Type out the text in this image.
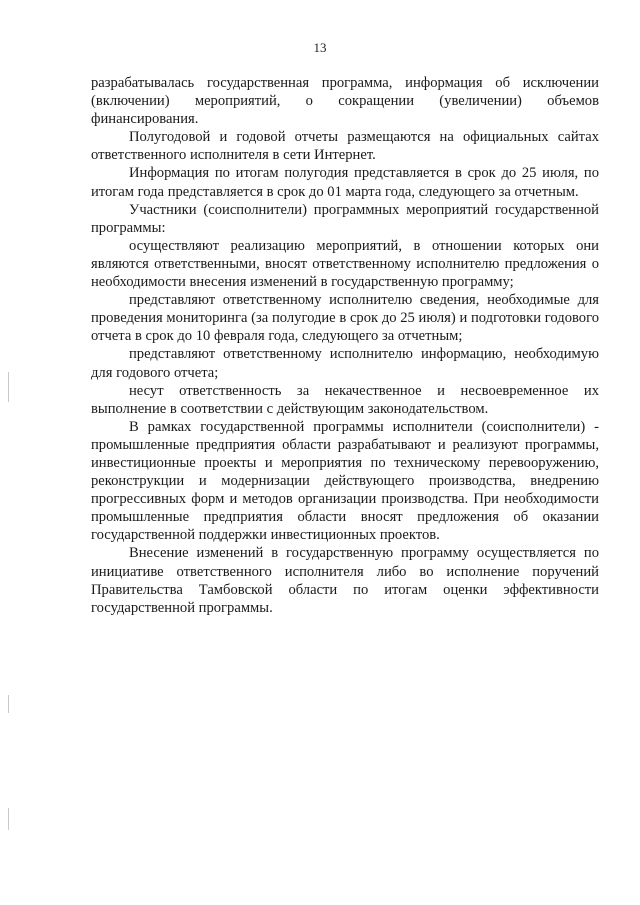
13

разрабатывалась государственная программа, информация об исключении (включении) мероприятий, о сокращении (увеличении) объемов финансирования.

Полугодовой и годовой отчеты размещаются на официальных сайтах ответственного исполнителя в сети Интернет.

Информация по итогам полугодия представляется в срок до 25 июля, по итогам года представляется в срок до 01 марта года, следующего за отчетным.

Участники (соисполнители) программных мероприятий государственной программы:

осуществляют реализацию мероприятий, в отношении которых они являются ответственными, вносят ответственному исполнителю предложения о необходимости внесения изменений в государственную программу;

представляют ответственному исполнителю сведения, необходимые для проведения мониторинга (за полугодие в срок до 25 июля) и подготовки годового отчета в срок до 10 февраля года, следующего за отчетным;

представляют ответственному исполнителю информацию, необходимую для годового отчета;

несут ответственность за некачественное и несвоевременное их выполнение в соответствии с действующим законодательством.

В рамках государственной программы исполнители (соисполнители) - промышленные предприятия области разрабатывают и реализуют программы, инвестиционные проекты и мероприятия по техническому перевооружению, реконструкции и модернизации действующего производства, внедрению прогрессивных форм и методов организации производства. При необходимости промышленные предприятия области вносят предложения об оказании государственной поддержки инвестиционных проектов.

Внесение изменений в государственную программу осуществляется по инициативе ответственного исполнителя либо во исполнение поручений Правительства Тамбовской области по итогам оценки эффективности государственной программы.
